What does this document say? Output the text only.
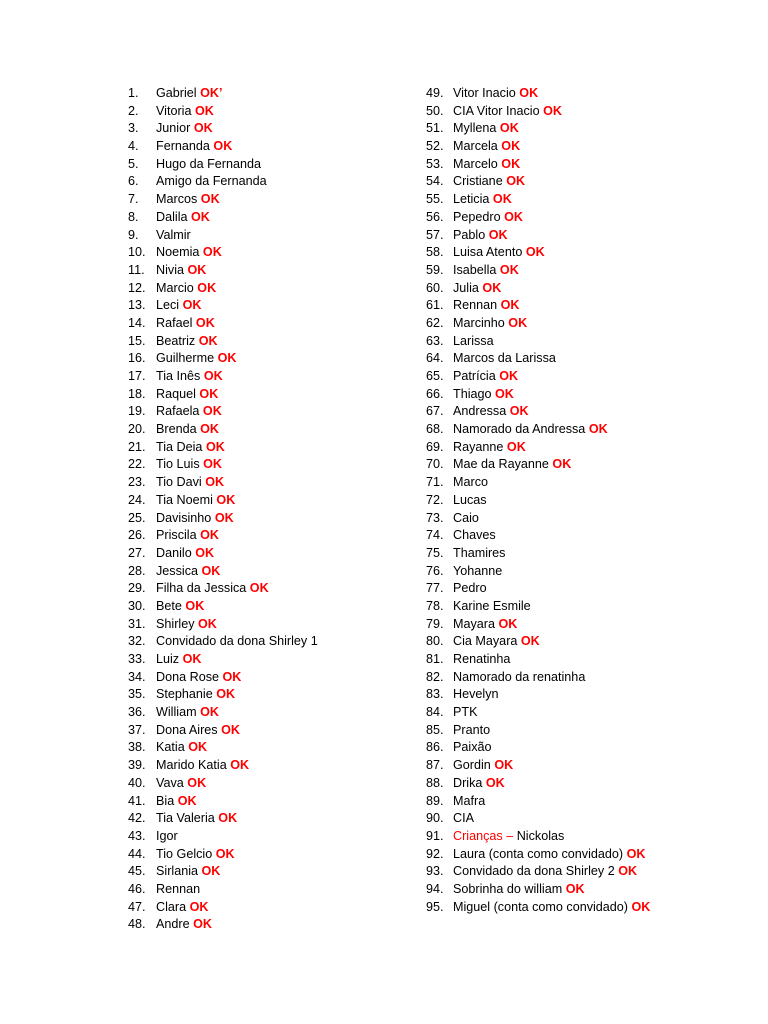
1.	Gabriel OK’
2.	Vitoria OK
3.	Junior OK
4.	Fernanda OK
5.	Hugo da Fernanda
6.	Amigo da Fernanda
7.	Marcos OK
8.	Dalila OK
9.	Valmir
10. Noemia OK
11. Nivia OK
12. Marcio OK
13. Leci OK
14. Rafael OK
15. Beatriz OK
16. Guilherme OK
17. Tia Inês OK
18. Raquel OK
19. Rafaela OK
20. Brenda OK
21. Tia Deia OK
22. Tio Luis OK
23. Tio Davi OK
24. Tia Noemi OK
25. Davisinho OK
26. Priscila OK
27. Danilo OK
28. Jessica OK
29. Filha da Jessica OK
30. Bete OK
31. Shirley OK
32. Convidado da dona Shirley 1
33. Luiz OK
34. Dona Rose OK
35. Stephanie OK
36. William OK
37. Dona Aires OK
38. Katia OK
39. Marido Katia OK
40. Vava OK
41. Bia OK
42. Tia Valeria OK
43. Igor
44. Tio Gelcio OK
45. Sirlania OK
46. Rennan
47. Clara OK
48. Andre OK
49. Vitor Inacio OK
50. CIA Vitor Inacio OK
51. Myllena OK
52. Marcela OK
53. Marcelo OK
54. Cristiane OK
55. Leticia OK
56. Pepedro OK
57. Pablo OK
58. Luisa Atento OK
59. Isabella OK
60. Julia OK
61. Rennan OK
62. Marcinho OK
63. Larissa
64. Marcos da Larissa
65. Patrícia OK
66. Thiago OK
67. Andressa OK
68. Namorado da Andressa OK
69. Rayanne OK
70. Mae da Rayanne OK
71. Marco
72. Lucas
73. Caio
74. Chaves
75. Thamires
76. Yohanne
77. Pedro
78. Karine Esmile
79. Mayara OK
80. Cia Mayara OK
81. Renatinha
82. Namorado da renatinha
83. Hevelyn
84. PTK
85. Pranto
86. Paixão
87. Gordin OK
88. Drika OK
89. Mafra
90. CIA
91. Crianças – Nickolas
92. Laura (conta como convidado) OK
93. Convidado da dona Shirley 2 OK
94. Sobrinha do william OK
95. Miguel (conta como convidado) OK
